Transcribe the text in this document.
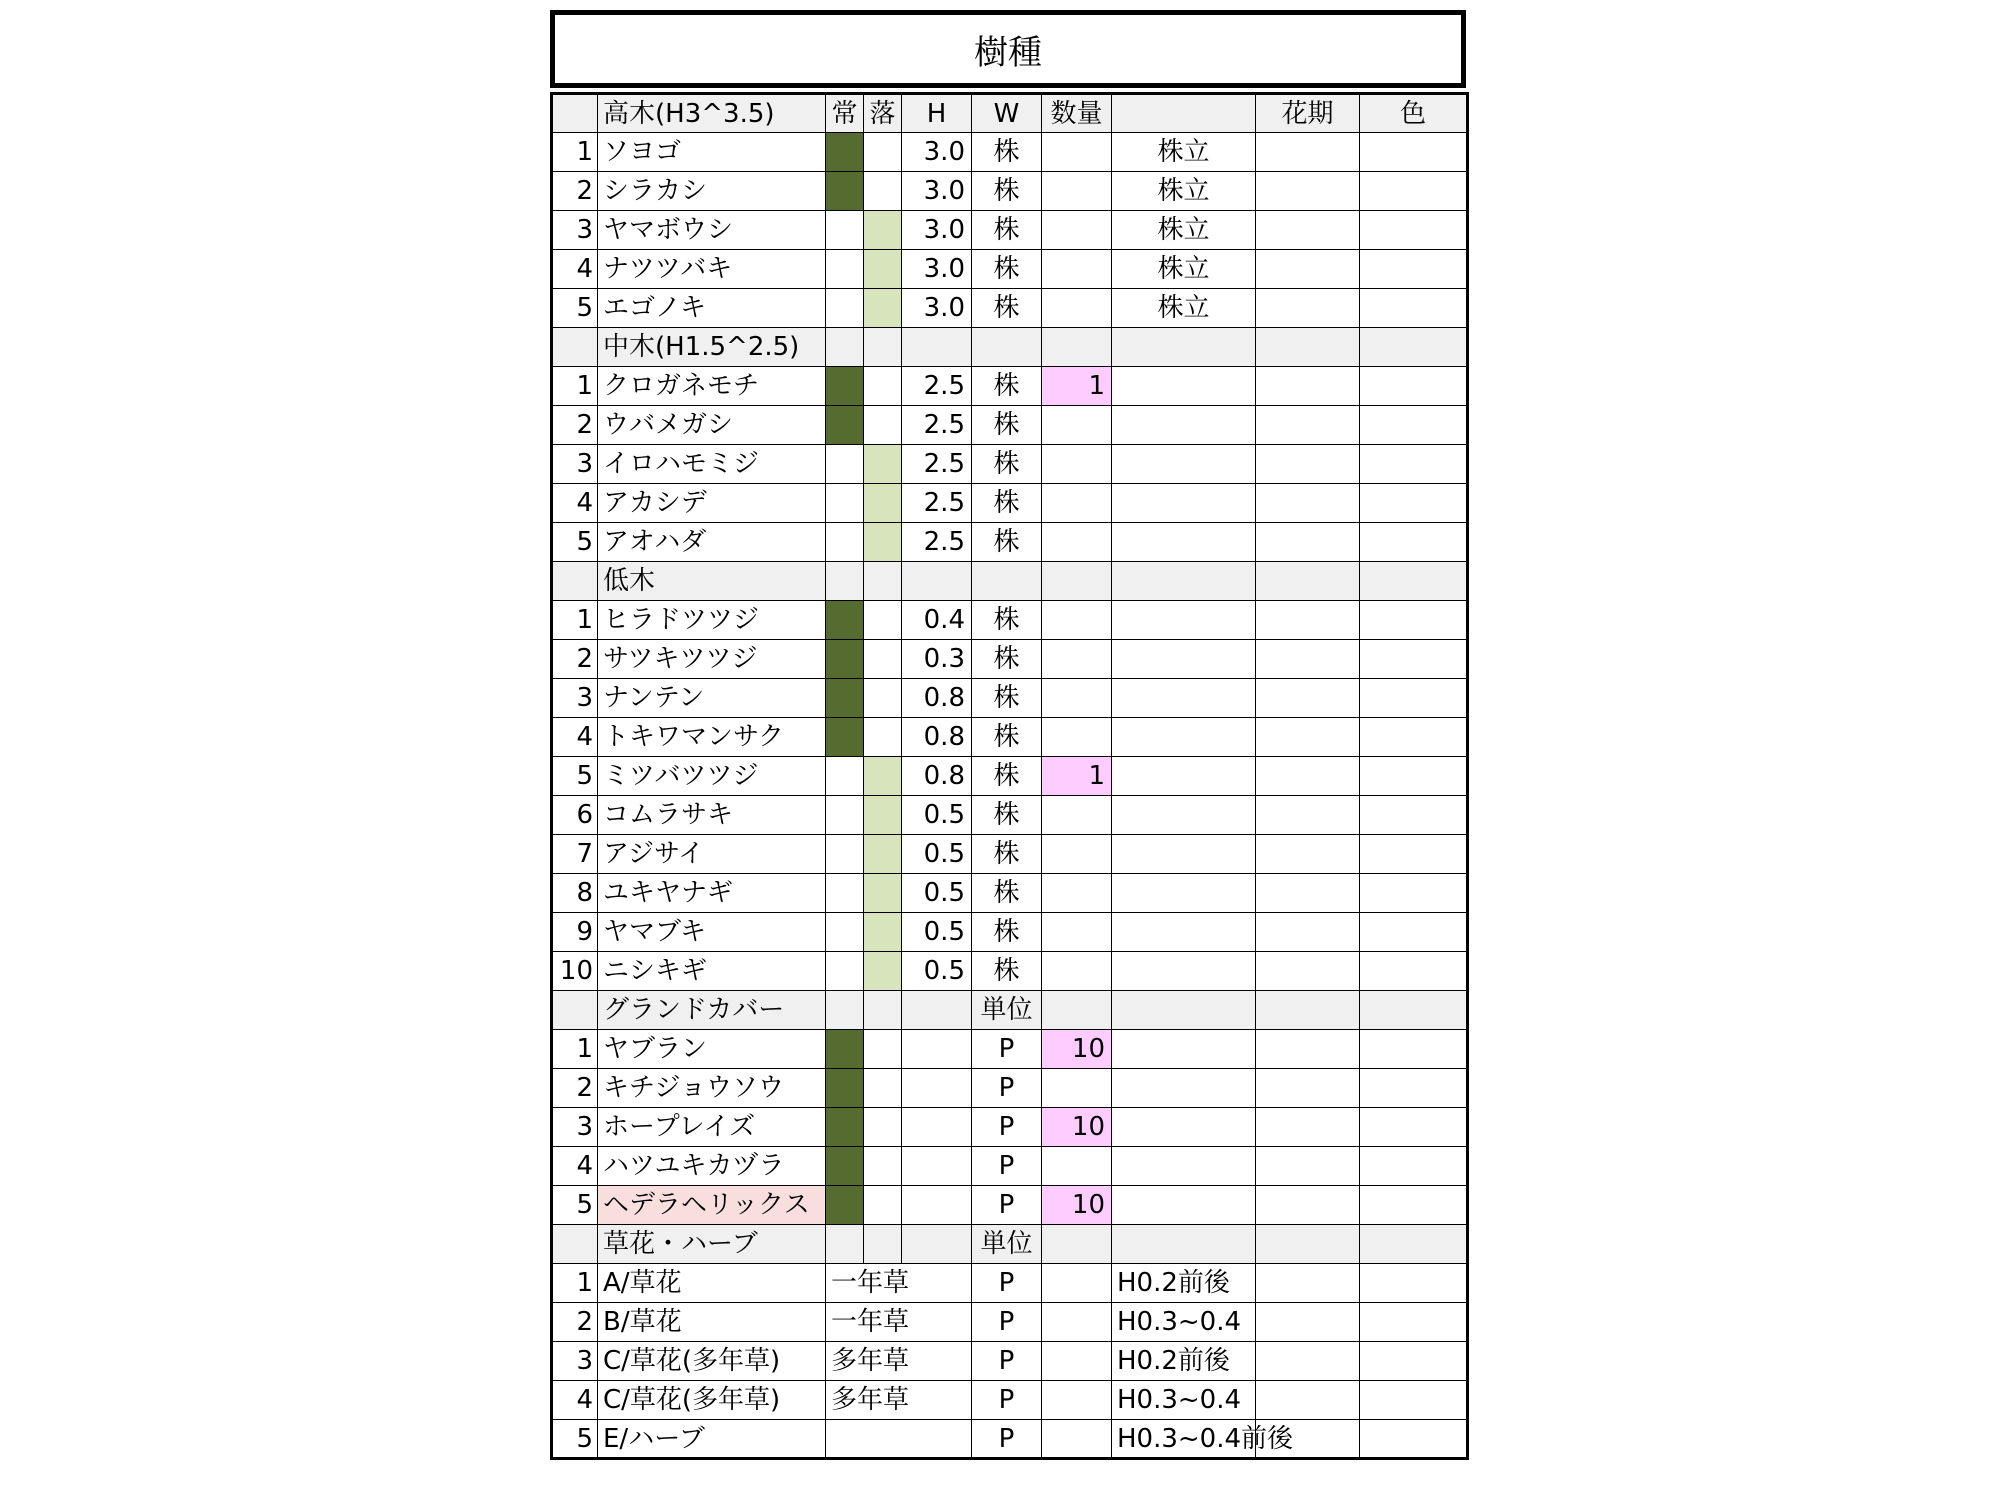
樹種
	高木(H3^3.5)	常	落	H	W	数量		花期	色
1	ソヨゴ			3.0	株		株立		
2	シラカシ			3.0	株		株立		
3	ヤマボウシ			3.0	株		株立		
4	ナツツバキ			3.0	株		株立		
5	エゴノキ			3.0	株		株立		
	中木(H1.5^2.5)								
1	クロガネモチ			2.5	株	1			
2	ウバメガシ			2.5	株				
3	イロハモミジ			2.5	株				
4	アカシデ			2.5	株				
5	アオハダ			2.5	株				
	低木								
1	ヒラドツツジ			0.4	株				
2	サツキツツジ			0.3	株				
3	ナンテン			0.8	株				
4	トキワマンサク			0.8	株				
5	ミツバツツジ			0.8	株	1			
6	コムラサキ			0.5	株				
7	アジサイ			0.5	株				
8	ユキヤナギ			0.5	株				
9	ヤマブキ			0.5	株				
10	ニシキギ			0.5	株				
	グランドカバー				単位				
1	ヤブラン				P	10			
2	キチジョウソウ				P				
3	ホープレイズ				P	10			
4	ハツユキカヅラ				P				
5	ヘデラヘリックス				P	10			
	草花・ハーブ				単位				
1	A/草花	一年草			P		H0.2前後		
2	B/草花	一年草			P		H0.3~0.4		
3	C/草花(多年草)	多年草			P		H0.2前後		
4	C/草花(多年草)	多年草			P		H0.3~0.4		
5	E/ハーブ				P		H0.3~0.4前後		
